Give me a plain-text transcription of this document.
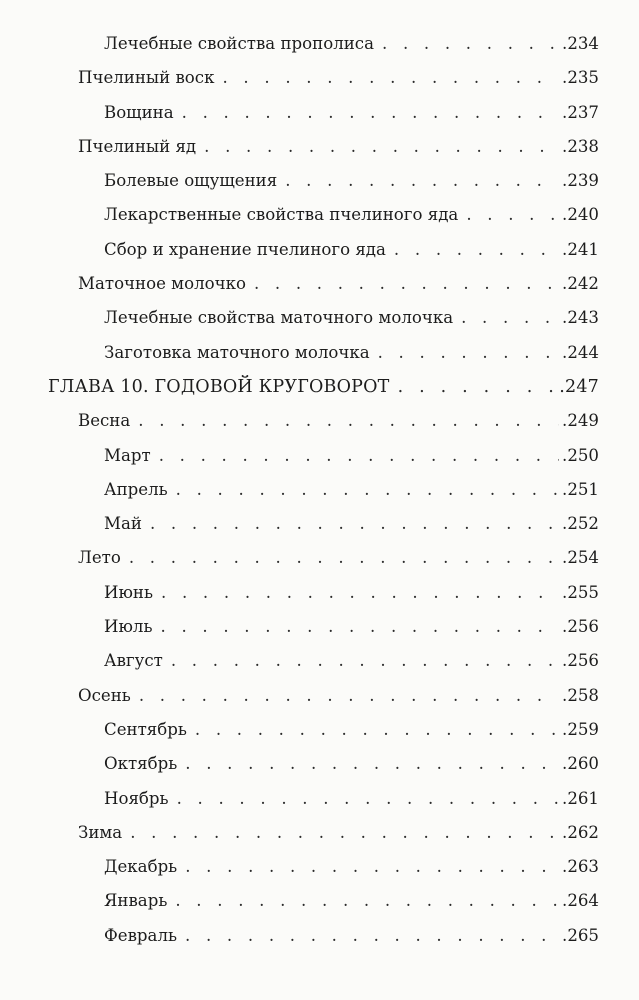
Лечебные свойства прополиса . . .	.234
Пчелиный воск . . .	.235
Вощина . . .	.237
Пчелиный яд . . .	.238
Болевые ощущения . . .	.239
Лекарственные свойства пчелиного яда . . .	.240
Сбор и хранение пчелиного яда . . .	.241
Маточное молочко . . .	.242
Лечебные свойства маточного молочка . . .	.243
Заготовка маточного молочка . . .	.244
ГЛАВА 10. ГОДОВОЙ КРУГОВОРОТ . . .	.247
Весна . . .	.249
Март . . .	.250
Апрель . . .	.251
Май . . .	.252
Лето . . .	.254
Июнь . . .	.255
Июль . . .	.256
Август . . .	.256
Осень . . .	.258
Сентябрь . . .	.259
Октябрь . . .	.260
Ноябрь . . .	.261
Зима . . .	.262
Декабрь . . .	.263
Январь . . .	.264
Февраль . . .	.265
